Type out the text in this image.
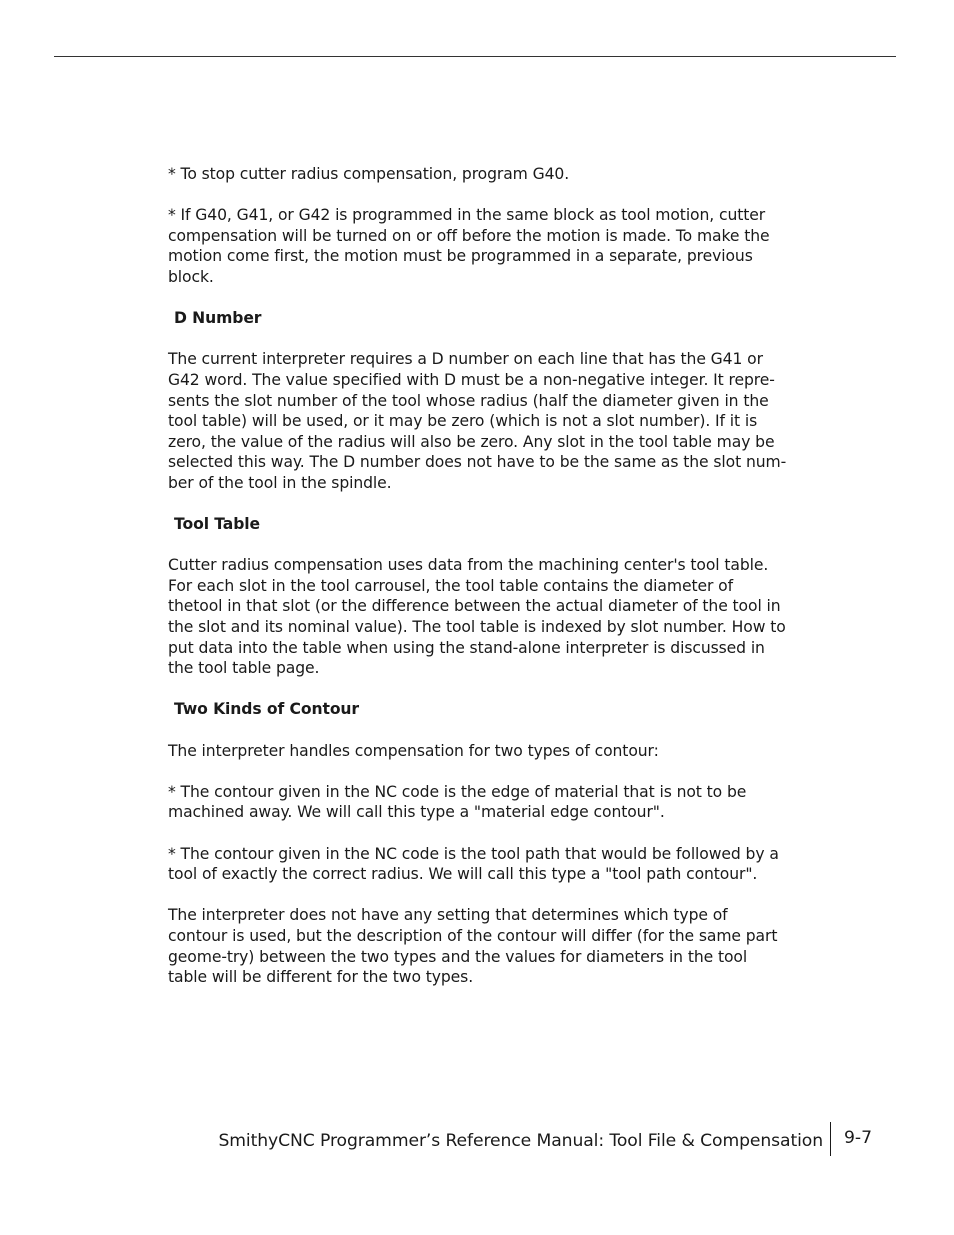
* To stop cutter radius compensation, program G40.

* If G40, G41, or G42 is programmed in the same block as tool motion, cutter compensation will be turned on or off before the motion is made. To make the motion come first, the motion must be programmed in a separate, previous block.

D Number

The current interpreter requires a D number on each line that has the G41 or G42 word. The value specified with D must be a non-negative integer. It repre-sents the slot number of the tool whose radius (half the diameter given in the tool table) will be used, or it may be zero (which is not a slot number). If it is zero, the value of the radius will also be zero. Any slot in the tool table may be selected this way. The D number does not have to be the same as the slot num-ber of the tool in the spindle.

Tool Table

Cutter radius compensation uses data from the machining center's tool table. For each slot in the tool carrousel, the tool table contains the diameter of thetool in that slot (or the difference between the actual diameter of the tool in the slot and its nominal value). The tool table is indexed by slot number. How to put data into the table when using the stand-alone interpreter is discussed in the tool table page.

Two Kinds of Contour

The interpreter handles compensation for two types of contour:

* The contour given in the NC code is the edge of material that is not to be machined away. We will call this type a "material edge contour".

* The contour given in the NC code is the tool path that would be followed by a tool of exactly the correct radius. We will call this type a "tool path contour".

The interpreter does not have any setting that determines which type of contour is used, but the description of the contour will differ (for the same part geome-try) between the two types and the values for diameters in the tool table will be different for the two types.

SmithyCNC Programmer’s Reference Manual: Tool File & Compensation 9-7
